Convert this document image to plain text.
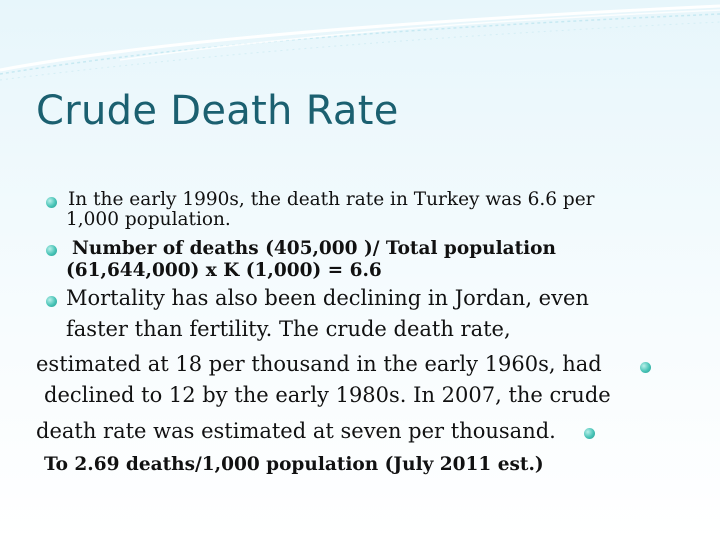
Crude Death Rate
In the early 1990s, the death rate in Turkey was 6.6 per
1,000 population.
Number of deaths (405,000 )/ Total population
(61,644,000) x K (1,000) = 6.6
Mortality has also been declining in Jordan, even
faster than fertility. The crude death rate,
estimated at 18 per thousand in the early 1960s, had
declined to 12 by the early 1980s. In 2007, the crude
death rate was estimated at seven per thousand.
To 2.69 deaths/1,000 population (July 2011 est.)
